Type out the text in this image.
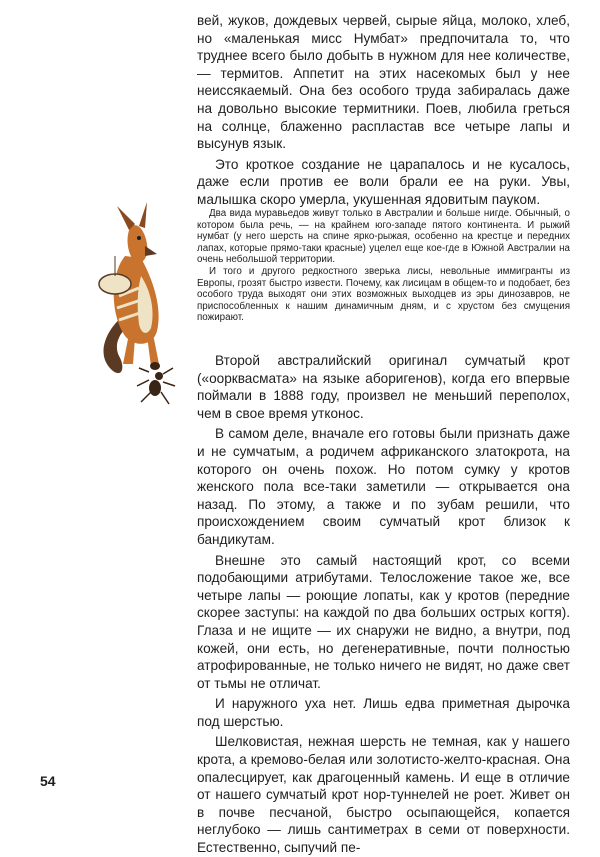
вей, жуков, дождевых червей, сырые яйца, молоко, хлеб, но «маленькая мисс Нумбат» предпочитала то, что труднее всего было добыть в нужном для нее количестве, — термитов. Аппетит на этих насекомых был у нее неиссякаемый. Она без особого труда забиралась даже на довольно высокие термитники. Поев, любила греться на солнце, блаженно распластав все четыре лапы и высунув язык.

Это кроткое создание не царапалось и не кусалось, даже если против ее воли брали ее на руки. Увы, малышка скоро умерла, укушенная ядовитым пауком.

Два вида муравьедов живут только в Австралии и больше нигде. Обычный, о котором была речь, — на крайнем юго-западе пятого континента. И рыжий нумбат (у него шерсть на спине ярко-рыжая, особенно на крестце и передних лапах, которые прямо-таки красные) уцелел еще кое-где в Южной Австралии на очень небольшой территории.

И того и другого редкостного зверька лисы, невольные иммигранты из Европы, грозят быстро извести. Почему, как лисицам в общем-то и подобает, без особого труда выходят они этих возможных выходцев из эры динозавров, не приспособленных к нашим динамичным дням, и с хрустом без смущения пожирают.

Второй австралийский оригинал сумчатый крот («оорквасмата» на языке аборигенов), когда его впервые поймали в 1888 году, произвел не меньший переполох, чем в свое время утконос.

В самом деле, вначале его готовы были признать даже и не сумчатым, а родичем африканского златокрота, на которого он очень похож. Но потом сумку у кротов женского пола все-таки заметили — открывается она назад. По этому, а также и по зубам решили, что происхождением своим сумчатый крот близок к бандикутам.

Внешне это самый настоящий крот, со всеми подобающими атрибутами. Телосложение такое же, все четыре лапы — роющие лопаты, как у кротов (передние скорее заступы: на каждой по два больших острых когтя). Глаза и не ищите — их снаружи не видно, а внутри, под кожей, они есть, но дегенеративные, почти полностью атрофированные, не только ничего не видят, но даже свет от тьмы не отличат.

И наружного уха нет. Лишь едва приметная дырочка под шерстью.

Шелковистая, нежная шерсть не темная, как у нашего крота, а кремово-белая или золотисто-желто-красная. Она опалесцирует, как драгоценный камень. И еще в отличие от нашего сумчатый крот нор-туннелей не роет. Живет он в почве песчаной, быстро осыпающейся, копается неглубоко — лишь сантиметрах в семи от поверхности. Естественно, сыпучий пе-

54
